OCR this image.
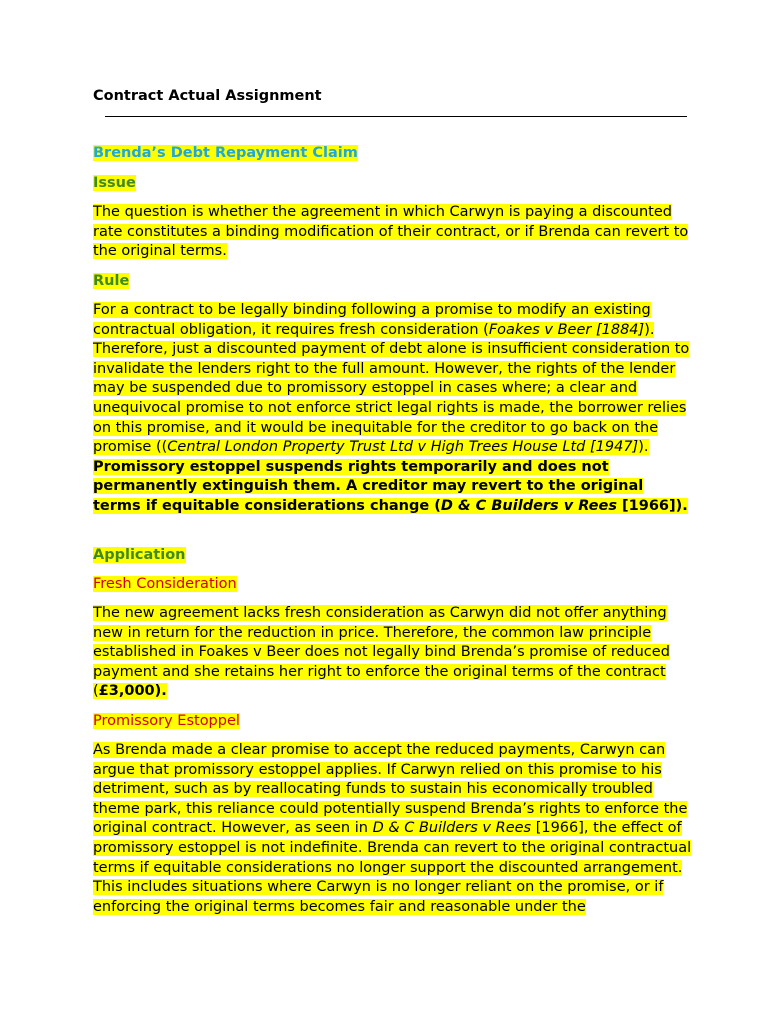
Contract Actual Assignment

Brenda’s Debt Repayment Claim

Issue

The question is whether the agreement in which Carwyn is paying a discounted rate constitutes a binding modification of their contract, or if Brenda can revert to the original terms.

Rule

For a contract to be legally binding following a promise to modify an existing contractual obligation, it requires fresh consideration (Foakes v Beer [1884]). Therefore, just a discounted payment of debt alone is insufficient consideration to invalidate the lenders right to the full amount. However, the rights of the lender may be suspended due to promissory estoppel in cases where; a clear and unequivocal promise to not enforce strict legal rights is made, the borrower relies on this promise, and it would be inequitable for the creditor to go back on the promise ((Central London Property Trust Ltd v High Trees House Ltd [1947]). Promissory estoppel suspends rights temporarily and does not permanently extinguish them. A creditor may revert to the original terms if equitable considerations change (D & C Builders v Rees [1966]).

Application

Fresh Consideration

The new agreement lacks fresh consideration as Carwyn did not offer anything new in return for the reduction in price. Therefore, the common law principle established in Foakes v Beer does not legally bind Brenda’s promise of reduced payment and she retains her right to enforce the original terms of the contract (£3,000).

Promissory Estoppel

As Brenda made a clear promise to accept the reduced payments, Carwyn can argue that promissory estoppel applies. If Carwyn relied on this promise to his detriment, such as by reallocating funds to sustain his economically troubled theme park, this reliance could potentially suspend Brenda’s rights to enforce the original contract. However, as seen in D & C Builders v Rees [1966], the effect of promissory estoppel is not indefinite. Brenda can revert to the original contractual terms if equitable considerations no longer support the discounted arrangement. This includes situations where Carwyn is no longer reliant on the promise, or if enforcing the original terms becomes fair and reasonable under the
